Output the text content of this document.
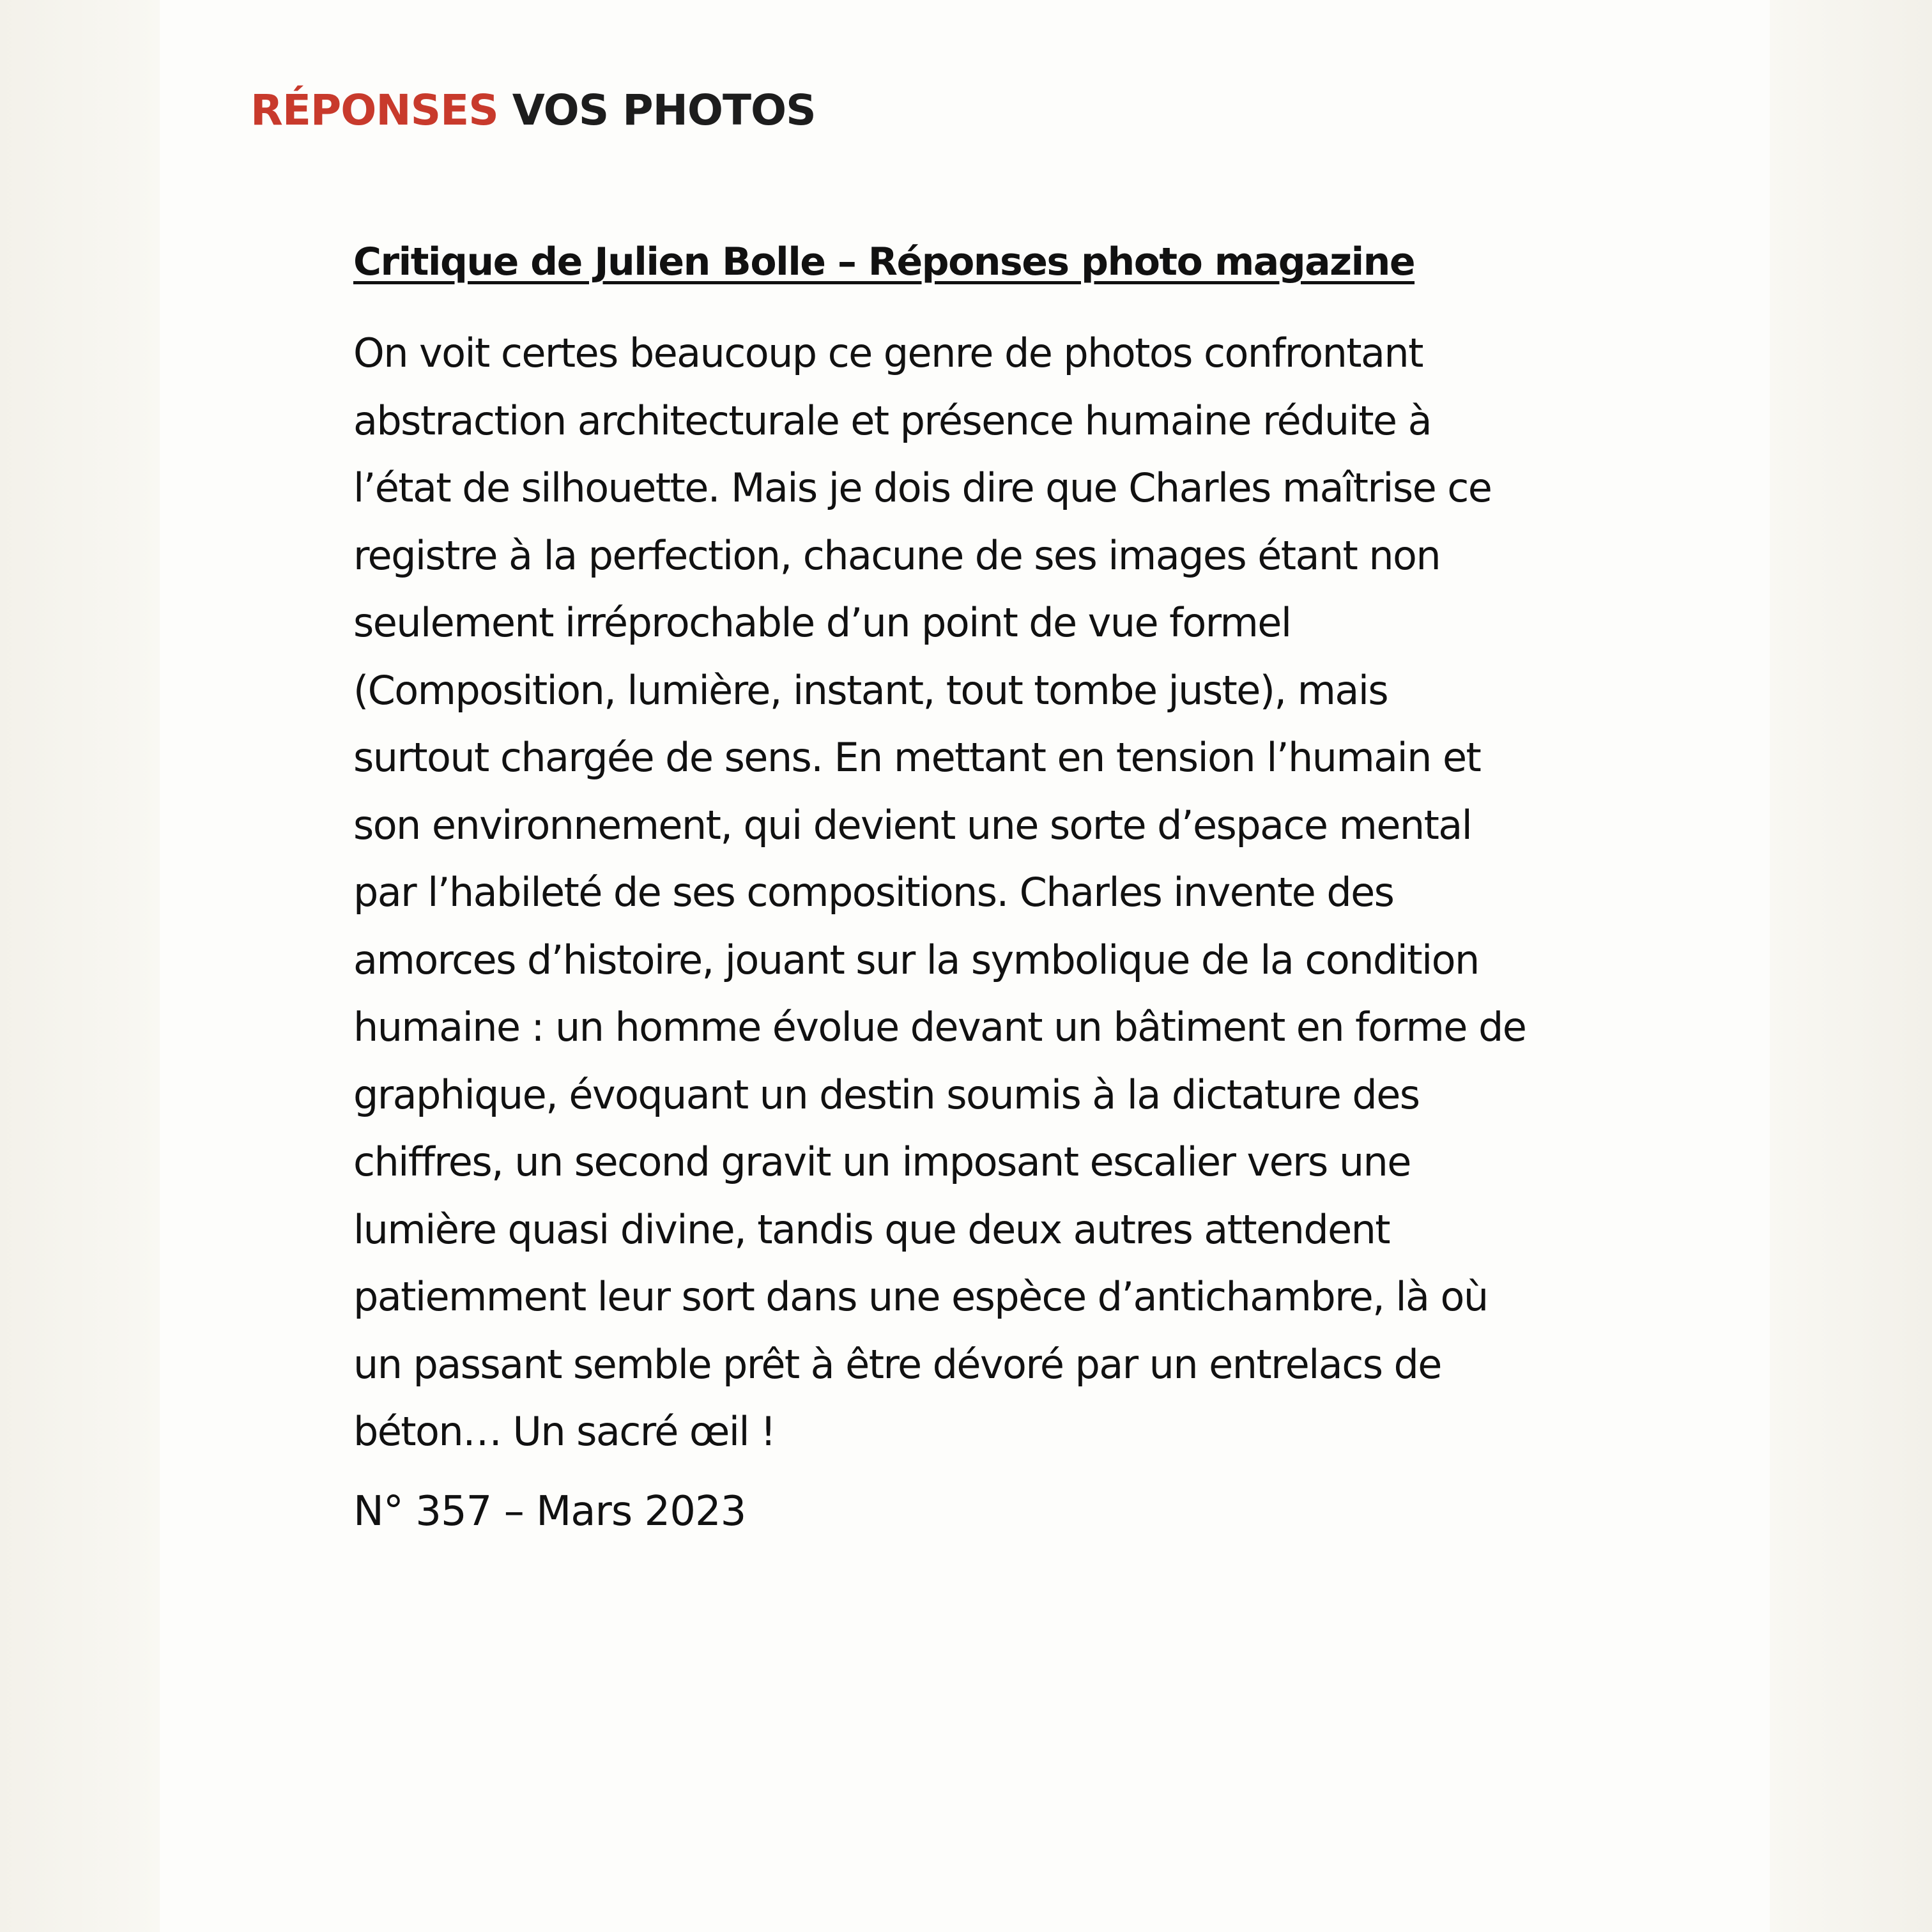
RÉPONSES VOS PHOTOS

Critique de Julien Bolle – Réponses photo magazine

On voit certes beaucoup ce genre de photos confrontant
abstraction architecturale et présence humaine réduite à
l’état de silhouette. Mais je dois dire que Charles maîtrise ce
registre à la perfection, chacune de ses images étant non
seulement irréprochable d’un point de vue formel
(Composition, lumière, instant, tout tombe juste), mais
surtout chargée de sens. En mettant en tension l’humain et
son environnement, qui devient une sorte d’espace mental
par l’habileté de ses compositions. Charles invente des
amorces d’histoire, jouant sur la symbolique de la condition
humaine : un homme évolue devant un bâtiment en forme de
graphique, évoquant un destin soumis à la dictature des
chiffres, un second gravit un imposant escalier vers une
lumière quasi divine, tandis que deux autres attendent
patiemment leur sort dans une espèce d’antichambre, là où
un passant semble prêt à être dévoré par un entrelacs de
béton… Un sacré œil !
N° 357 – Mars 2023
